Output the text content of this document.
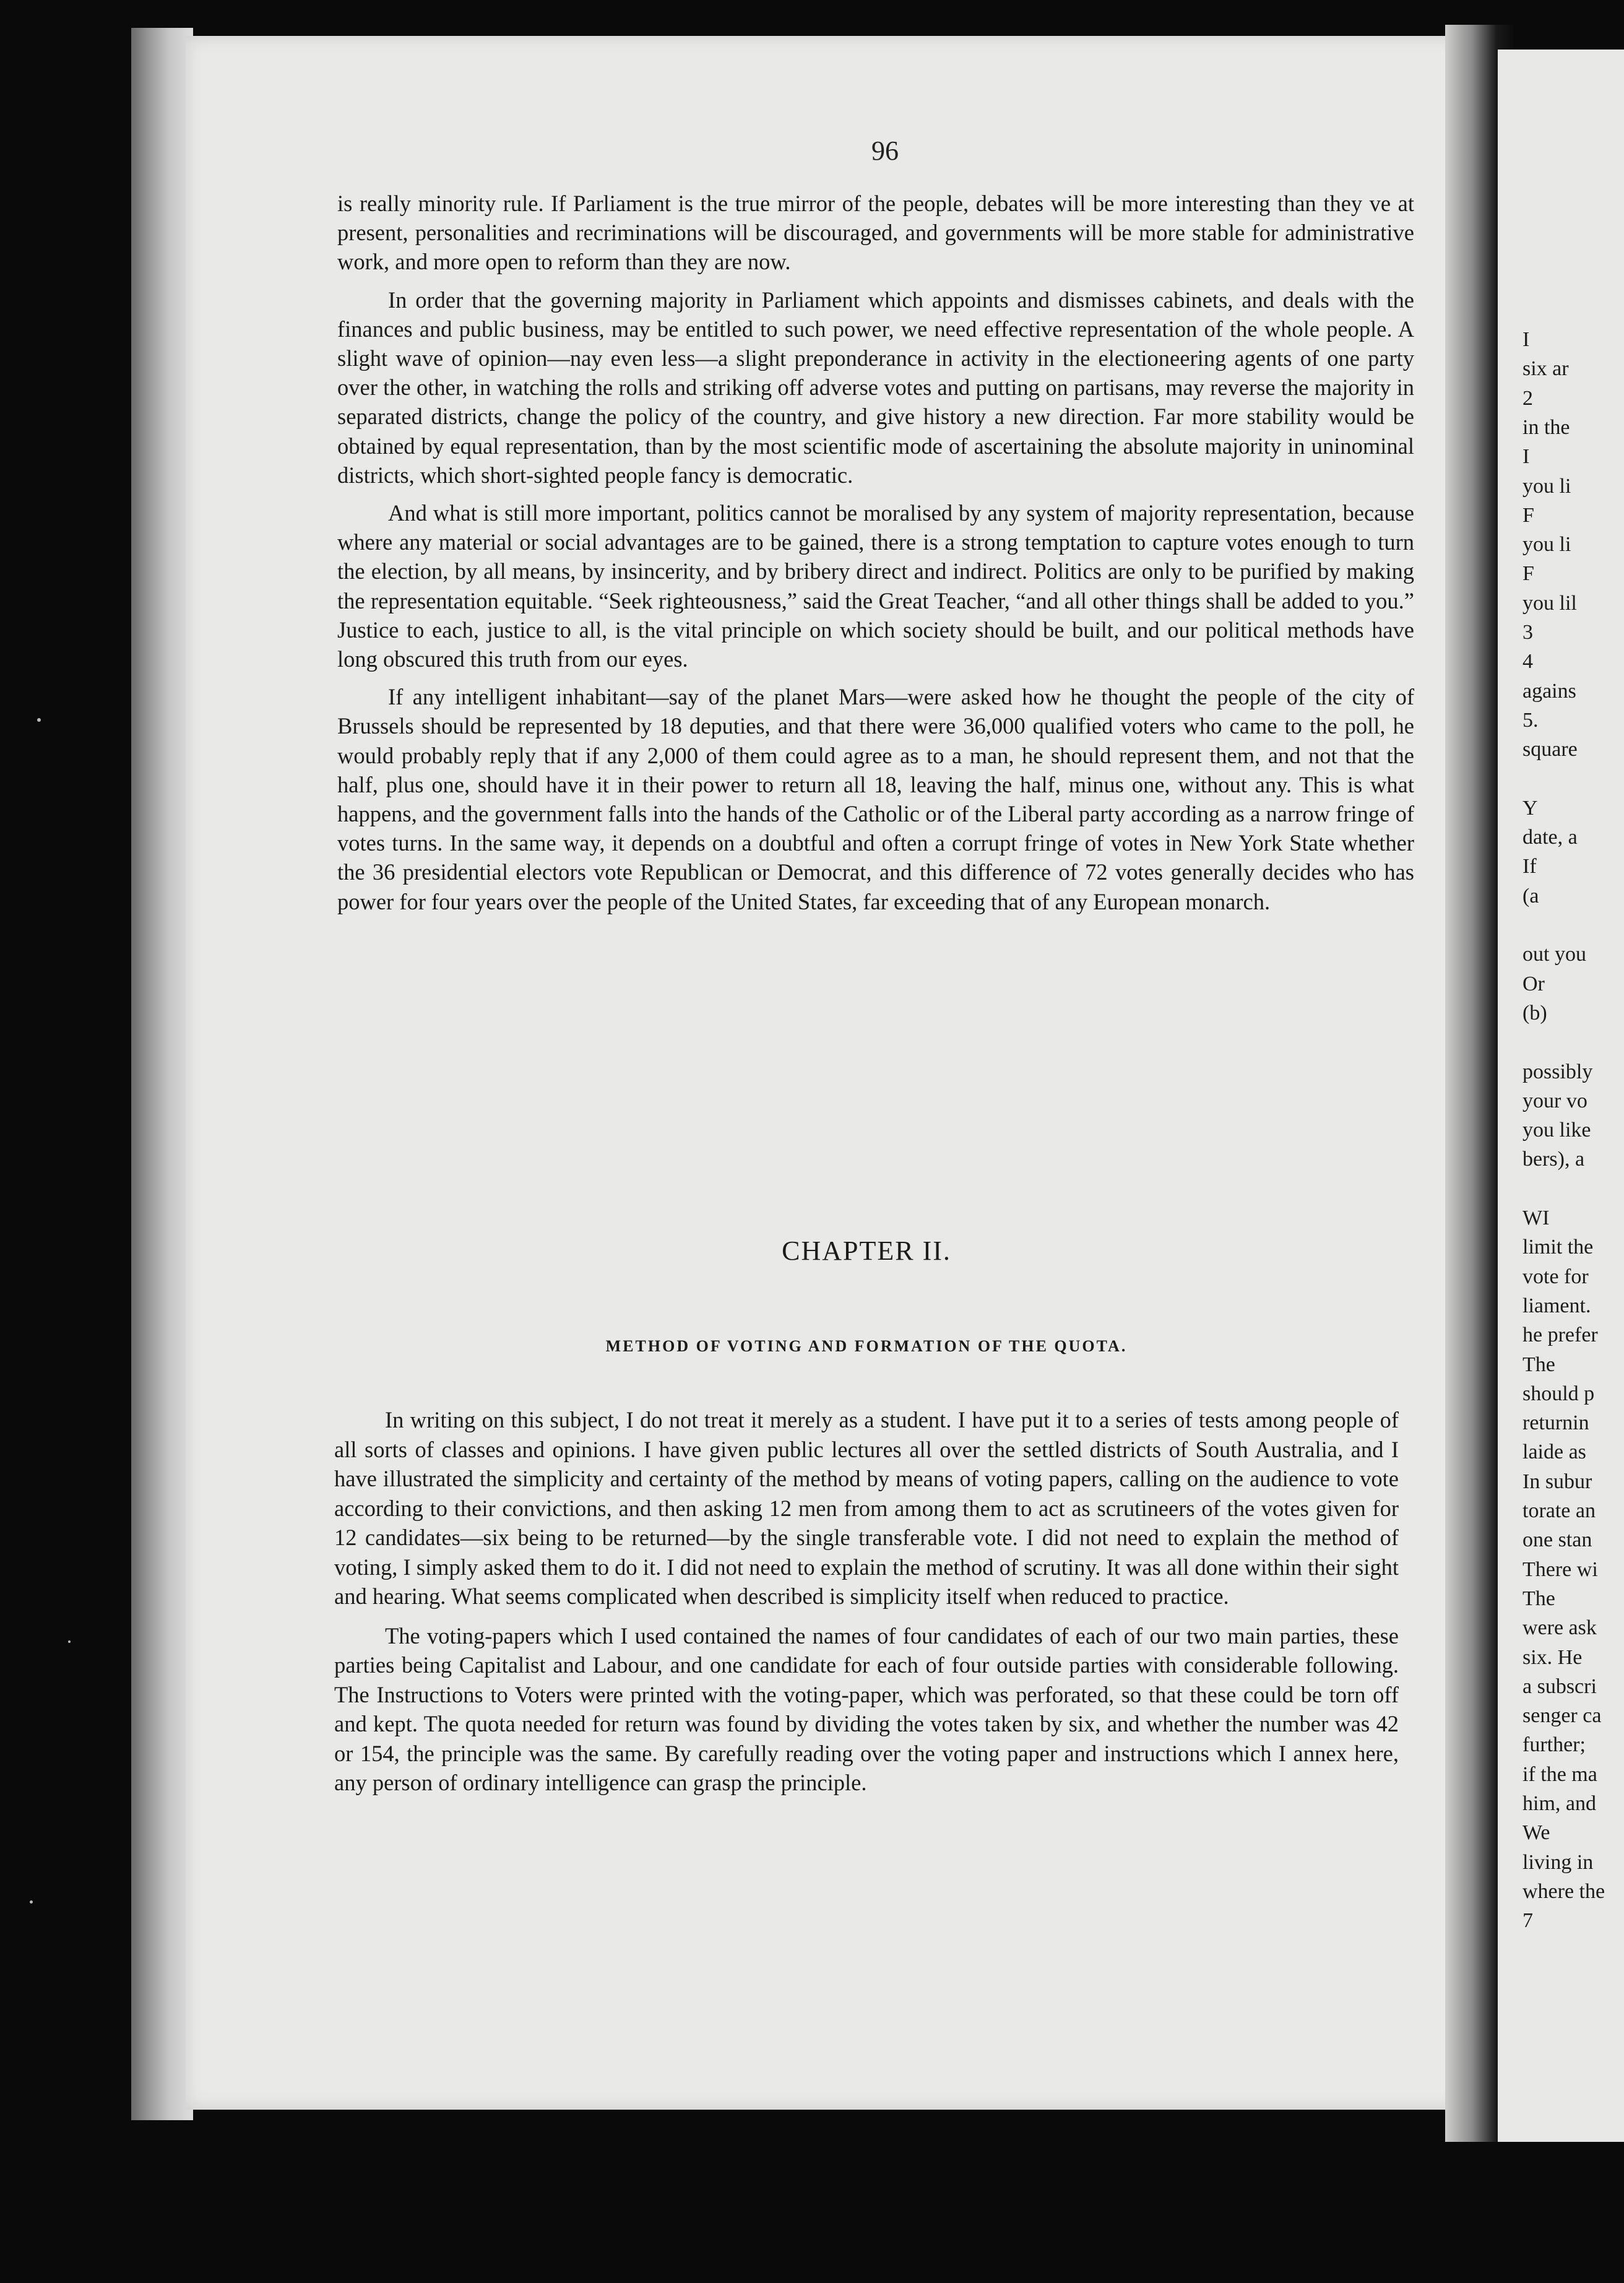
96

is really minority rule. If Parliament is the true mirror of the people, debates will be more interesting than they ve at present, personalities and recriminations will be discouraged, and governments will be more stable for administrative work, and more open to reform than they are now.

In order that the governing majority in Parliament which appoints and dismisses cabinets, and deals with the finances and public business, may be entitled to such power, we need effective representation of the whole people. A slight wave of opinion—nay even less—a slight preponderance in activity in the electioneering agents of one party over the other, in watching the rolls and striking off adverse votes and putting on partisans, may reverse the majority in separated districts, change the policy of the country, and give history a new direction. Far more stability would be obtained by equal representation, than by the most scientific mode of ascertaining the absolute majority in uninominal districts, which short-sighted people fancy is democratic.

And what is still more important, politics cannot be moralised by any system of majority representation, because where any material or social advantages are to be gained, there is a strong temptation to capture votes enough to turn the election, by all means, by insincerity, and by bribery direct and indirect. Politics are only to be purified by making the representation equitable. “Seek righteousness,” said the Great Teacher, “and all other things shall be added to you.” Justice to each, justice to all, is the vital principle on which society should be built, and our political methods have long obscured this truth from our eyes.

If any intelligent inhabitant—say of the planet Mars—were asked how he thought the people of the city of Brussels should be represented by 18 deputies, and that there were 36,000 qualified voters who came to the poll, he would probably reply that if any 2,000 of them could agree as to a man, he should represent them, and not that the half, plus one, should have it in their power to return all 18, leaving the half, minus one, without any. This is what happens, and the government falls into the hands of the Catholic or of the Liberal party according as a narrow fringe of votes turns. In the same way, it depends on a doubtful and often a corrupt fringe of votes in New York State whether the 36 presidential electors vote Republican or Democrat, and this difference of 72 votes generally decides who has power for four years over the people of the United States, far exceeding that of any European monarch.

CHAPTER II.
METHOD OF VOTING AND FORMATION OF THE QUOTA.

In writing on this subject, I do not treat it merely as a student. I have put it to a series of tests among people of all sorts of classes and opinions. I have given public lectures all over the settled districts of South Australia, and I have illustrated the simplicity and certainty of the method by means of voting papers, calling on the audience to vote according to their convictions, and then asking 12 men from among them to act as scrutineers of the votes given for 12 candidates—six being to be returned—by the single transferable vote. I did not need to explain the method of voting, I simply asked them to do it. I did not need to explain the method of scrutiny. It was all done within their sight and hearing. What seems complicated when described is simplicity itself when reduced to practice.

The voting-papers which I used contained the names of four candidates of each of our two main parties, these parties being Capitalist and Labour, and one candidate for each of four outside parties with considerable following. The Instructions to Voters were printed with the voting-paper, which was perforated, so that these could be torn off and kept. The quota needed for return was found by dividing the votes taken by six, and whether the number was 42 or 154, the principle was the same. By carefully reading over the voting paper and instructions which I annex here, any person of ordinary intelligence can grasp the principle.

I
six ar
2
in the
I
you li
F
you li
F
you lil
3
4
agains
5.
square
Y
date, a
If
(a
out you
Or
(b)
possibly
your vo
you like
bers), a
WI
limit the
vote for
liament.
he prefer
The
should p
returnin
laide as
In subur
torate an
one stan
There wi
The
were ask
six. He
a subscri
senger ca
further;
if the ma
him, and
We
living in
where the
7
